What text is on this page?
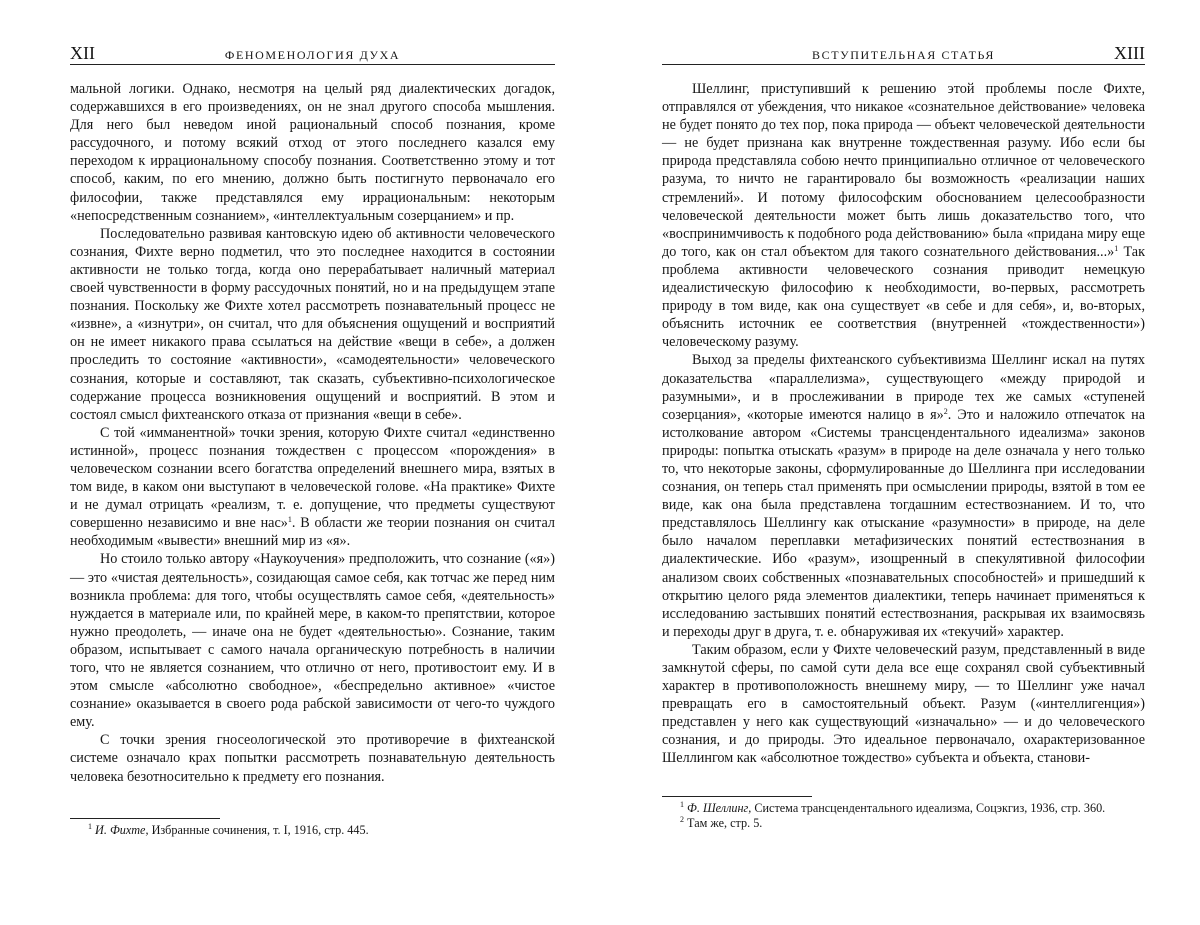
XII	ФЕНОМЕНОЛОГИЯ ДУХА

мальной логики. Однако, несмотря на целый ряд диалектических догадок, содержавшихся в его произведениях, он не знал другого способа мышления. Для него был неведом иной рациональный способ познания, кроме рассудочного, и потому всякий отход от этого последнего казался ему переходом к иррациональному способу познания. Соответственно этому и тот способ, каким, по его мнению, должно быть постигнуто первоначало его философии, также представлялся ему иррациональным: некоторым «непосредственным сознанием», «интеллектуальным созерцанием» и пр.

Последовательно развивая кантовскую идею об активности человеческого сознания, Фихте верно подметил, что это последнее находится в состоянии активности не только тогда, когда оно перерабатывает наличный материал своей чувственности в форму рассудочных понятий, но и на предыдущем этапе познания. Поскольку же Фихте хотел рассмотреть познавательный процесс не «извне», а «изнутри», он считал, что для объяснения ощущений и восприятий он не имеет никакого права ссылаться на действие «вещи в себе», а должен проследить то состояние «активности», «самодеятельности» человеческого сознания, которые и составляют, так сказать, субъективно-психологическое содержание процесса возникновения ощущений и восприятий. В этом и состоял смысл фихтеанского отказа от признания «вещи в себе».

С той «имманентной» точки зрения, которую Фихте считал «единственно истинной», процесс познания тождествен с процессом «порождения» в человеческом сознании всего богатства определений внешнего мира, взятых в том виде, в каком они выступают в человеческой голове. «На практике» Фихте и не думал отрицать «реализм, т. е. допущение, что предметы существуют совершенно независимо и вне нас»$^1$. В области же теории познания он считал необходимым «вывести» внешний мир из «я».

Но стоило только автору «Наукоучения» предположить, что сознание («я») — это «чистая деятельность», созидающая самое себя, как тотчас же перед ним возникла проблема: для того, чтобы осуществлять самое себя, «деятельность» нуждается в материале или, по крайней мере, в каком-то препятствии, которое нужно преодолеть, — иначе она не будет «деятельностью». Сознание, таким образом, испытывает с самого начала органическую потребность в наличии того, что не является сознанием, что отлично от него, противостоит ему. И в этом смысле «абсолютно свободное», «беспредельно активное» «чистое сознание» оказывается в своего рода рабской зависимости от чего-то чуждого ему.

С точки зрения гносеологической это противоречие в фихтеанской системе означало крах попытки рассмотреть познавательную деятельность человека безотносительно к предмету его познания.

$^1$ И. Фихте, Избранные сочинения, т. I, 1916, стр. 445.

ВСТУПИТЕЛЬНАЯ СТАТЬЯ	XIII

Шеллинг, приступивший к решению этой проблемы после Фихте, отправлялся от убеждения, что никакое «сознательное действование» человека не будет понято до тех пор, пока природа — объект человеческой деятельности — не будет признана как внутренне тождественная разуму. Ибо если бы природа представляла собою нечто принципиально отличное от человеческого разума, то ничто не гарантировало бы возможность «реализации наших стремлений». И потому философским обоснованием целесообразности человеческой деятельности может быть лишь доказательство того, что «воспринимчивость к подобного рода действованию» была «придана миру еще до того, как он стал объектом для такого сознательного действования...»$^1$ Так проблема активности человеческого сознания приводит немецкую идеалистическую философию к необходимости, во-первых, рассмотреть природу в том виде, как она существует «в себе и для себя», и, во-вторых, объяснить источник ее соответствия (внутренней «тождественности») человеческому разуму.

Выход за пределы фихтеанского субъективизма Шеллинг искал на путях доказательства «параллелизма», существующего «между природой и разумными», и в прослеживании в природе тех же самых «ступеней созерцания», «которые имеются налицо в я»$^2$. Это и наложило отпечаток на истолкование автором «Системы трансцендентального идеализма» законов природы: попытка отыскать «разум» в природе на деле означала у него только то, что некоторые законы, сформулированные до Шеллинга при исследовании сознания, он теперь стал применять при осмыслении природы, взятой в том ее виде, как она была представлена тогдашним естествознанием. И то, что представлялось Шеллингу как отыскание «разумности» в природе, на деле было началом переплавки метафизических понятий естествознания в диалектические. Ибо «разум», изощренный в спекулятивной философии анализом своих собственных «познавательных способностей» и пришедший к открытию целого ряда элементов диалектики, теперь начинает применяться к исследованию застывших понятий естествознания, раскрывая их взаимосвязь и переходы друг в друга, т. е. обнаруживая их «текучий» характер.

Таким образом, если у Фихте человеческий разум, представленный в виде замкнутой сферы, по самой сути дела все еще сохранял свой субъективный характер в противоположность внешнему миру, — то Шеллинг уже начал превращать его в самостоятельный объект. Разум («интеллигенция») представлен у него как существующий «изначально» — и до человеческого сознания, и до природы. Это идеальное первоначало, охарактеризованное Шеллингом как «абсолютное тождество» субъекта и объекта, станови-

$^1$ Ф. Шеллинг, Система трансцендентального идеализма, Соцэкгиз, 1936, стр. 360.

$^2$ Там же, стр. 5.
